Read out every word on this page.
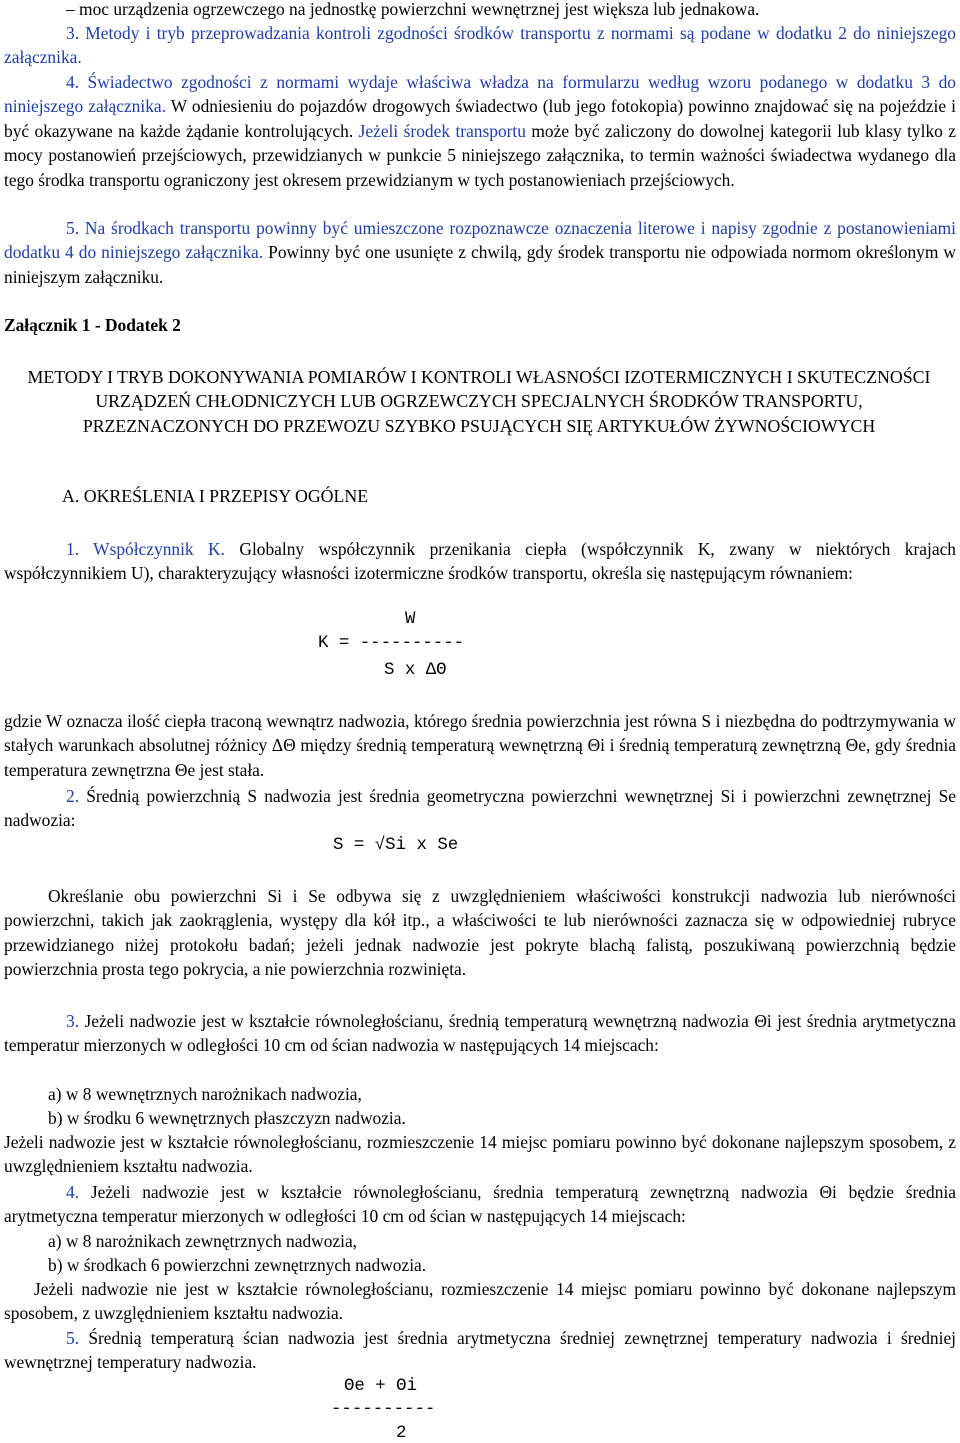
– moc urządzenia ogrzewczego na jednostkę powierzchni wewnętrznej jest większa lub jednakowa.

3. Metody i tryb przeprowadzania kontroli zgodności środków transportu z normami są podane w dodatku 2 do niniejszego załącznika.

4. Świadectwo zgodności z normami wydaje właściwa władza na formularzu według wzoru podanego w dodatku 3 do niniejszego załącznika. W odniesieniu do pojazdów drogowych świadectwo (lub jego fotokopia) powinno znajdować się na pojeździe i być okazywane na każde żądanie kontrolujących. Jeżeli środek transportu może być zaliczony do dowolnej kategorii lub klasy tylko z mocy postanowień przejściowych, przewidzianych w punkcie 5 niniejszego załącznika, to termin ważności świadectwa wydanego dla tego środka transportu ograniczony jest okresem przewidzianym w tych postanowieniach przejściowych.

5. Na środkach transportu powinny być umieszczone rozpoznawcze oznaczenia literowe i napisy zgodnie z postanowieniami dodatku 4 do niniejszego załącznika. Powinny być one usunięte z chwilą, gdy środek transportu nie odpowiada normom określonym w niniejszym załączniku.

Załącznik 1 - Dodatek 2

METODY I TRYB DOKONYWANIA POMIARÓW I KONTROLI WŁASNOŚCI IZOTERMICZNYCH I SKUTECZNOŚCI URZĄDZEŃ CHŁODNICZYCH LUB OGRZEWCZYCH SPECJALNYCH ŚRODKÓW TRANSPORTU, PRZEZNACZONYCH DO PRZEWOZU SZYBKO PSUJĄCYCH SIĘ ARTYKUŁÓW ŻYWNOŚCIOWYCH

A. OKREŚLENIA I PRZEPISY OGÓLNE

1. Współczynnik K. Globalny współczynnik przenikania ciepła (współczynnik K, zwany w niektórych krajach współczynnikiem U), charakteryzujący własności izotermiczne środków transportu, określa się następującym równaniem:

W
K = ----------
S x ΔΘ

gdzie W oznacza ilość ciepła traconą wewnątrz nadwozia, którego średnia powierzchnia jest równa S i niezbędna do podtrzymywania w stałych warunkach absolutnej różnicy ΔΘ między średnią temperaturą wewnętrzną Θi i średnią temperaturą zewnętrzną Θe, gdy średnia temperatura zewnętrzna Θe jest stała.

2. Średnią powierzchnią S nadwozia jest średnia geometryczna powierzchni wewnętrznej Si i powierzchni zewnętrznej Se nadwozia:

S = √Si x Se

Określanie obu powierzchni Si i Se odbywa się z uwzględnieniem właściwości konstrukcji nadwozia lub nierówności powierzchni, takich jak zaokrąglenia, występy dla kół itp., a właściwości te lub nierówności zaznacza się w odpowiedniej rubryce przewidzianego niżej protokołu badań; jeżeli jednak nadwozie jest pokryte blachą falistą, poszukiwaną powierzchnią będzie powierzchnia prosta tego pokrycia, a nie powierzchnia rozwinięta.

3. Jeżeli nadwozie jest w kształcie równoległościanu, średnią temperaturą wewnętrzną nadwozia Θi jest średnia arytmetyczna temperatur mierzonych w odległości 10 cm od ścian nadwozia w następujących 14 miejscach:

a) w 8 wewnętrznych narożnikach nadwozia,

b) w środku 6 wewnętrznych płaszczyzn nadwozia.

Jeżeli nadwozie jest w kształcie równoległościanu, rozmieszczenie 14 miejsc pomiaru powinno być dokonane najlepszym sposobem, z uwzględnieniem kształtu nadwozia.

4. Jeżeli nadwozie jest w kształcie równoległościanu, średnia temperaturą zewnętrzną nadwozia Θi będzie średnia arytmetyczna temperatur mierzonych w odległości 10 cm od ścian w następujących 14 miejscach:

a) w 8 narożnikach zewnętrznych nadwozia,

b) w środkach 6 powierzchni zewnętrznych nadwozia.

Jeżeli nadwozie nie jest w kształcie równoległościanu, rozmieszczenie 14 miejsc pomiaru powinno być dokonane najlepszym sposobem, z uwzględnieniem kształtu nadwozia.

5. Średnią temperaturą ścian nadwozia jest średnia arytmetyczna średniej zewnętrznej temperatury nadwozia i średniej wewnętrznej temperatury nadwozia.

Θe + Θi
----------
2
